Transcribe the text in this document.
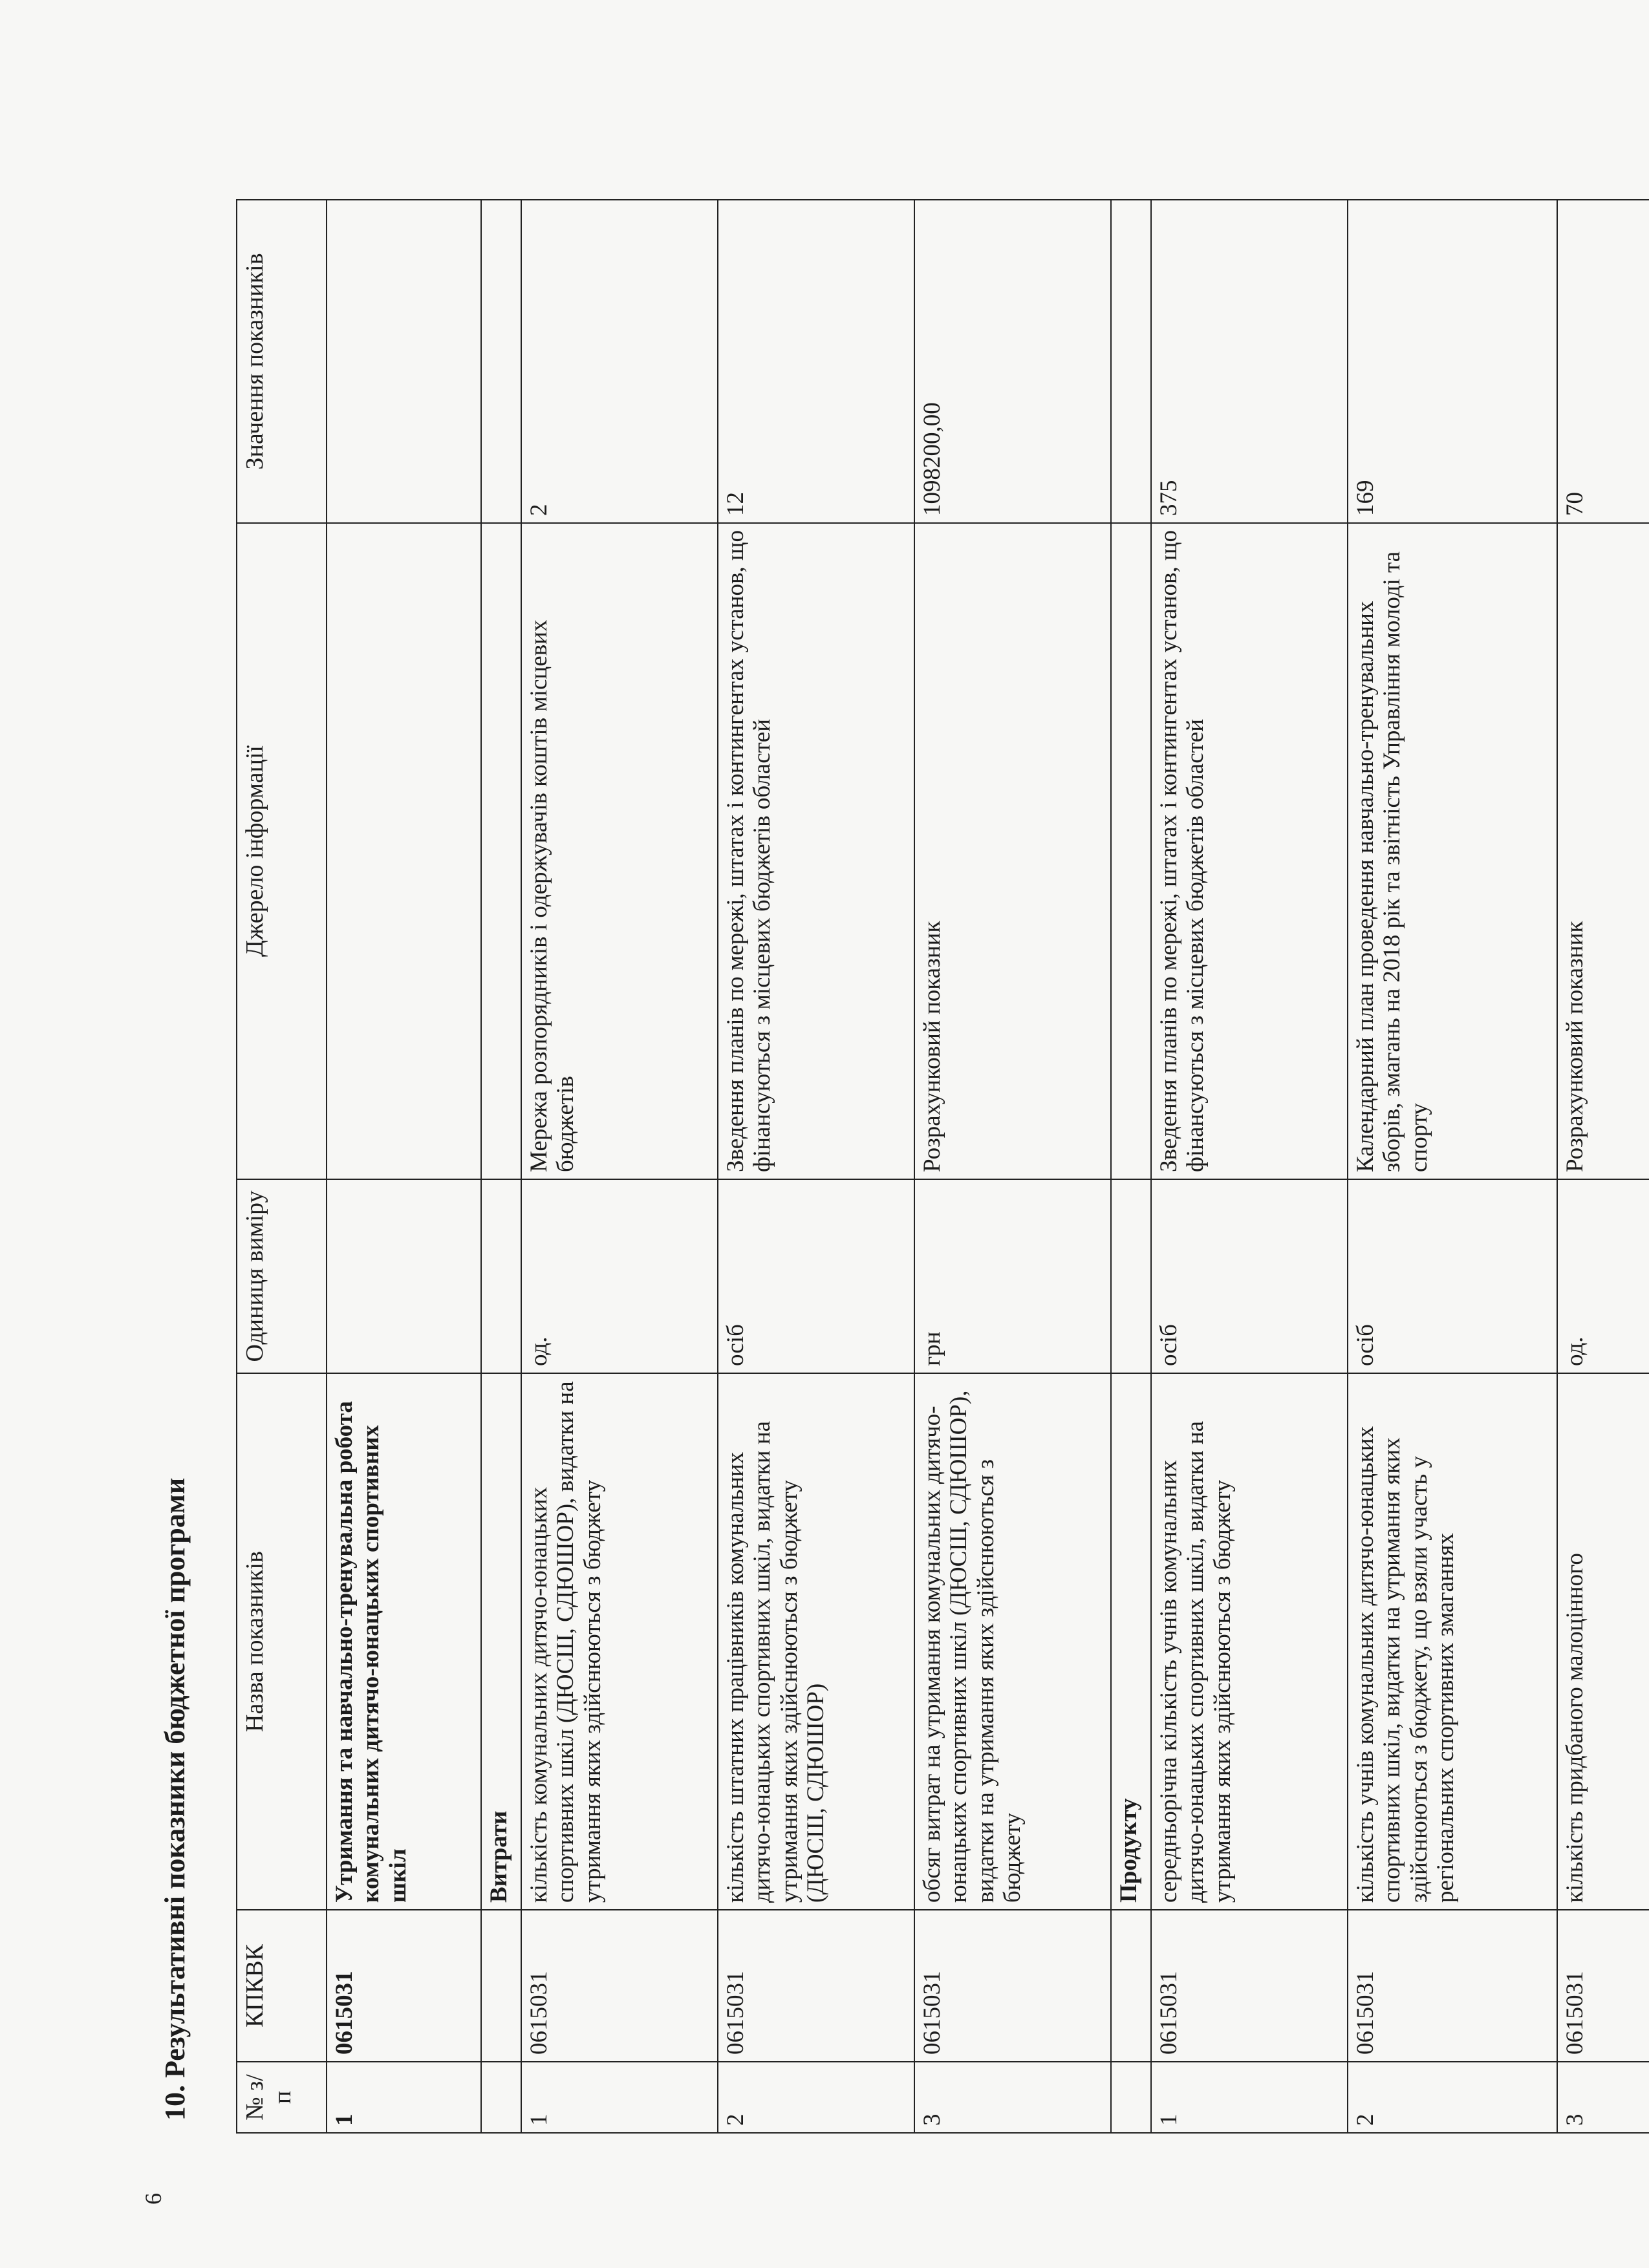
6
10. Результативні показники бюджетної програми	№ з/п	КПКВК	Назва показників	Одиниця виміру	Джерело інформації	Значення показників
1	0615031	Утримання та навчально-тренувальна робота комунальних дитячо-юнацьких спортивних шкіл			
		Витрати			
1	0615031	кількість комунальних дитячо-юнацьких спортивних шкіл (ДЮСШ, СДЮШОР), видатки на утримання яких здійснюються з бюджету	од.	Мережа розпорядників і одержувачів коштів місцевих бюджетів	2
2	0615031	кількість штатних працівників комунальних дитячо-юнацьких спортивних шкіл, видатки на утримання яких здійснюються з бюджету (ДЮСШ, СДЮШОР)	осіб	Зведення планів по мережі, штатах і контингентах установ, що фінансуються з місцевих бюджетів областей	12
3	0615031	обсяг витрат на утримання комунальних дитячо-юнацьких спортивних шкіл (ДЮСШ, СДЮШОР), видатки на утримання яких здійснюються з бюджету	грн	Розрахунковий показник	1098200,00
		Продукту			
1	0615031	середньорічна кількість учнів комунальних дитячо-юнацьких спортивних шкіл, видатки на утримання яких здійснюються з бюджету	осіб	Зведення планів по мережі, штатах і контингентах установ, що фінансуються з місцевих бюджетів областей	375
2	0615031	кількість учнів комунальних дитячо-юнацьких спортивних шкіл, видатки на утримання яких здійснюються з бюджету, що взяли участь у регіональних спортивних змаганнях	осіб	Календарний план проведення навчально-тренувальних зборів, змагань на 2018 рік та звітність Управління молоді та спорту	169
3	0615031	кількість придбаного малоцінного	од.	Розрахунковий показник	70
